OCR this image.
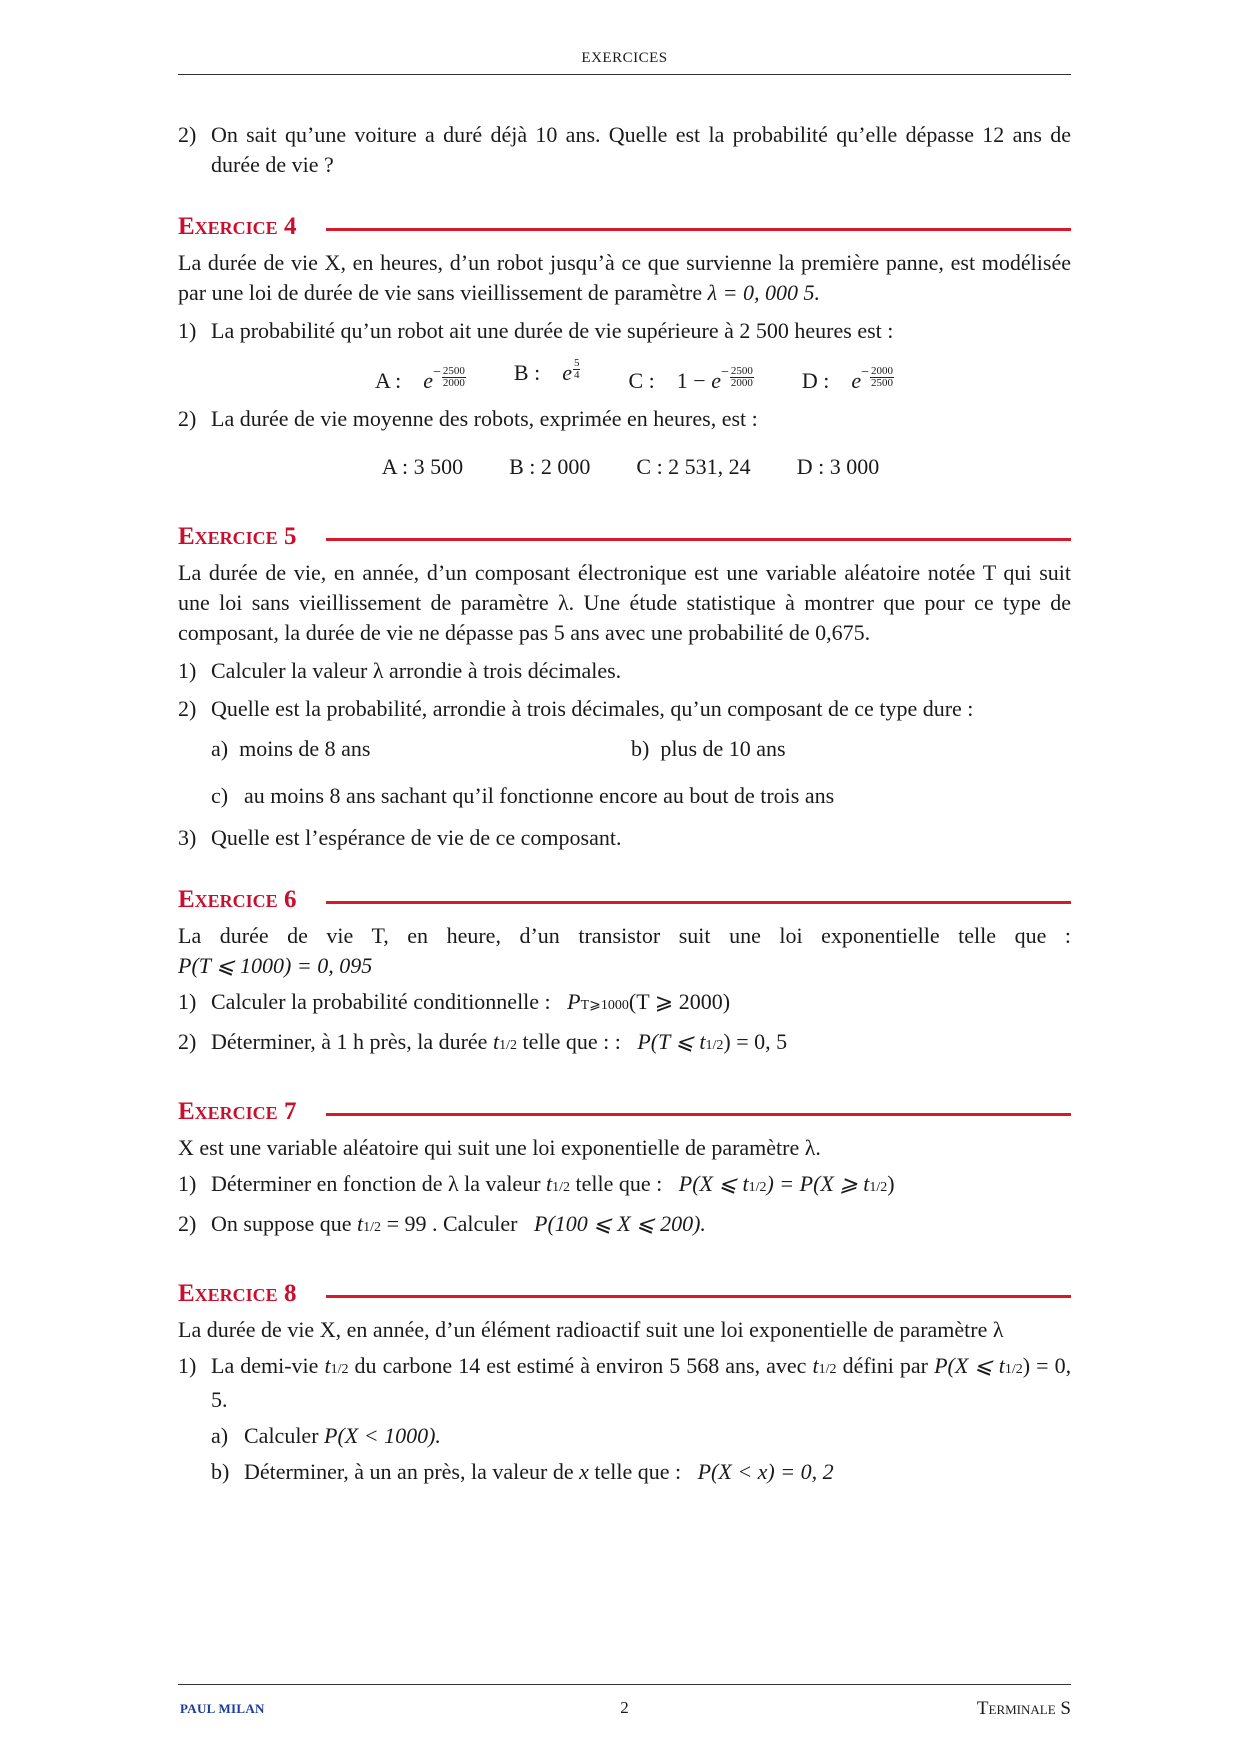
EXERCICES
2) On sait qu’une voiture a duré déjà 10 ans. Quelle est la probabilité qu’elle dépasse 12 ans de durée de vie ?
Exercice 4

La durée de vie X, en heures, d’un robot jusqu’à ce que survienne la première panne, est modélisée par une loi de durée de vie sans vieillissement de paramètre λ = 0, 000 5.

1) La probabilité qu’un robot ait une durée de vie supérieure à 2 500 heures est :
A : $e^- \frac{2500}{2000}$ B : e $\frac{5}{4}$ C : $1 - e^- \frac{2500}{2000}$ D : $e^- \frac{2000}{2500}$
2) La durée de vie moyenne des robots, exprimée en heures, est :
A : 3 500 B : 2 000 C : 2 531, 24 D : 3 000
Exercice 5

La durée de vie, en année, d’un composant électronique est une variable aléatoire notée T qui suit une loi sans vieillissement de paramètre λ. Une étude statistique à montrer que pour ce type de composant, la durée de vie ne dépasse pas 5 ans avec une probabilité de 0,675.

1) Calculer la valeur λ arrondie à trois décimales.
2) Quelle est la probabilité, arrondie à trois décimales, qu’un composant de ce type dure :
a) moins de 8 ans	b) plus de 10 ans
c) au moins 8 ans sachant qu’il fonctionne encore au bout de trois ans
3) Quelle est l’espérance de vie de ce composant.
Exercice 6

La durée de vie T, en heure, d’un transistor suit une loi exponentielle telle que :

P(T ⩽ 1000) = 0, 095

1) Calculer la probabilité conditionnelle : PT⩾1000(T ⩾ 2000)
2) Déterminer, à 1 h près, la durée t1/2 telle que : : P(T ⩽ t1/2) = 0, 5
Exercice 7

X est une variable aléatoire qui suit une loi exponentielle de paramètre λ.

1) Déterminer en fonction de λ la valeur t1/2 telle que : P(X ⩽ t1/2) = P(X ⩾ t1/2)
2) On suppose que t1/2 = 99 . Calculer P(100 ⩽ X ⩽ 200).
Exercice 8

La durée de vie X, en année, d’un élément radioactif suit une loi exponentielle de paramètre λ

1) La demi-vie t1/2 du carbone 14 est estimé à environ 5 568 ans, avec t1/2 défini par P(X ⩽ t1/2) = 0, 5.
a) Calculer P(X < 1000).
b) Déterminer, à un an près, la valeur de x telle que : P(X < x) = 0, 2
PAUL MILAN	2	Terminale S
